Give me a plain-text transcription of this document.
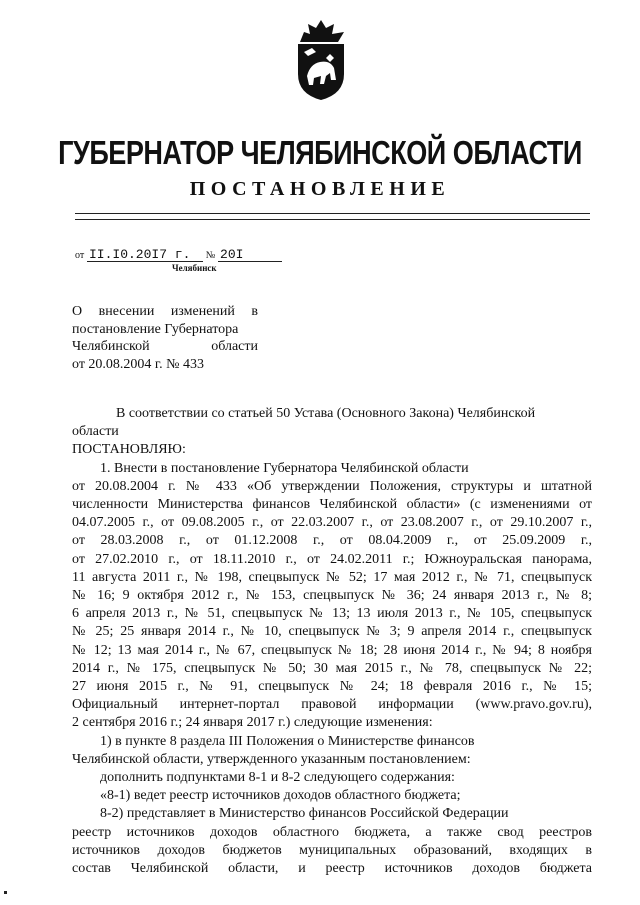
ГУБЕРНАТОР ЧЕЛЯБИНСКОЙ ОБЛАСТИ
ПОСТАНОВЛЕНИЕ
от II.I0.20I7 г. № 20I
Челябинск
О внесении изменений в
постановление Губернатора
Челябинской области
от 20.08.2004 г. № 433
В соответствии со статьей 50 Устава (Основного Закона) Челябинской
области
ПОСТАНОВЛЯЮ:
1. Внести в постановление Губернатора Челябинской области
от 20.08.2004 г. № 433 «Об утверждении Положения, структуры и штатной
численности Министерства финансов Челябинской области» (с изменениями от
04.07.2005 г., от 09.08.2005 г., от 22.03.2007 г., от 23.08.2007 г., от 29.10.2007 г.,
от 28.03.2008 г., от 01.12.2008 г., от 08.04.2009 г., от 25.09.2009 г.,
от 27.02.2010 г., от 18.11.2010 г., от 24.02.2011 г.; Южноуральская панорама,
11 августа 2011 г., № 198, спецвыпуск № 52; 17 мая 2012 г., № 71, спецвыпуск
№ 16; 9 октября 2012 г., № 153, спецвыпуск № 36; 24 января 2013 г., № 8;
6 апреля 2013 г., № 51, спецвыпуск № 13; 13 июля 2013 г., № 105, спецвыпуск
№ 25; 25 января 2014 г., № 10, спецвыпуск № 3; 9 апреля 2014 г., спецвыпуск
№ 12; 13 мая 2014 г., № 67, спецвыпуск № 18; 28 июня 2014 г., № 94; 8 ноября
2014 г., № 175, спецвыпуск № 50; 30 мая 2015 г., № 78, спецвыпуск № 22;
27 июня 2015 г., № 91, спецвыпуск № 24; 18 февраля 2016 г., № 15;
Официальный интернет-портал правовой информации (www.pravo.gov.ru),
2 сентября 2016 г.; 24 января 2017 г.) следующие изменения:
1) в пункте 8 раздела III Положения о Министерстве финансов
Челябинской области, утвержденного указанным постановлением:
дополнить подпунктами 8-1 и 8-2 следующего содержания:
«8-1) ведет реестр источников доходов областного бюджета;
8-2) представляет в Министерство финансов Российской Федерации
реестр источников доходов областного бюджета, а также свод реестров
источников доходов бюджетов муниципальных образований, входящих в
состав Челябинской области, и реестр источников доходов бюджета
